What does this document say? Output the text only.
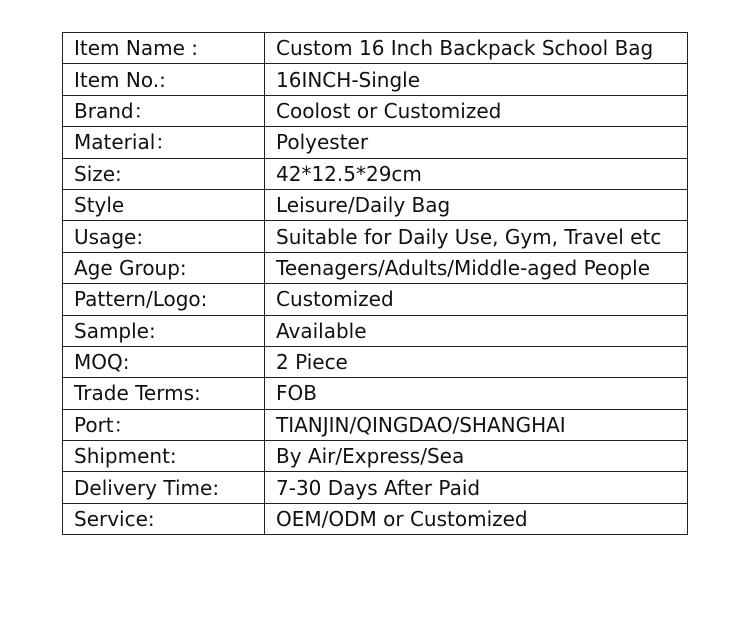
Item Name :	Custom 16 Inch Backpack School Bag
Item No.:	16INCH-Single
Brand：	Coolost or Customized
Material：	Polyester
Size:	42*12.5*29cm
Style	Leisure/Daily Bag
Usage:	Suitable for Daily Use, Gym, Travel etc
Age Group:	Teenagers/Adults/Middle-aged People
Pattern/Logo:	Customized
Sample:	Available
MOQ:	2 Piece
Trade Terms:	FOB
Port：	TIANJIN/QINGDAO/SHANGHAI
Shipment:	By Air/Express/Sea
Delivery Time:	7-30 Days After Paid
Service:	OEM/ODM or Customized
